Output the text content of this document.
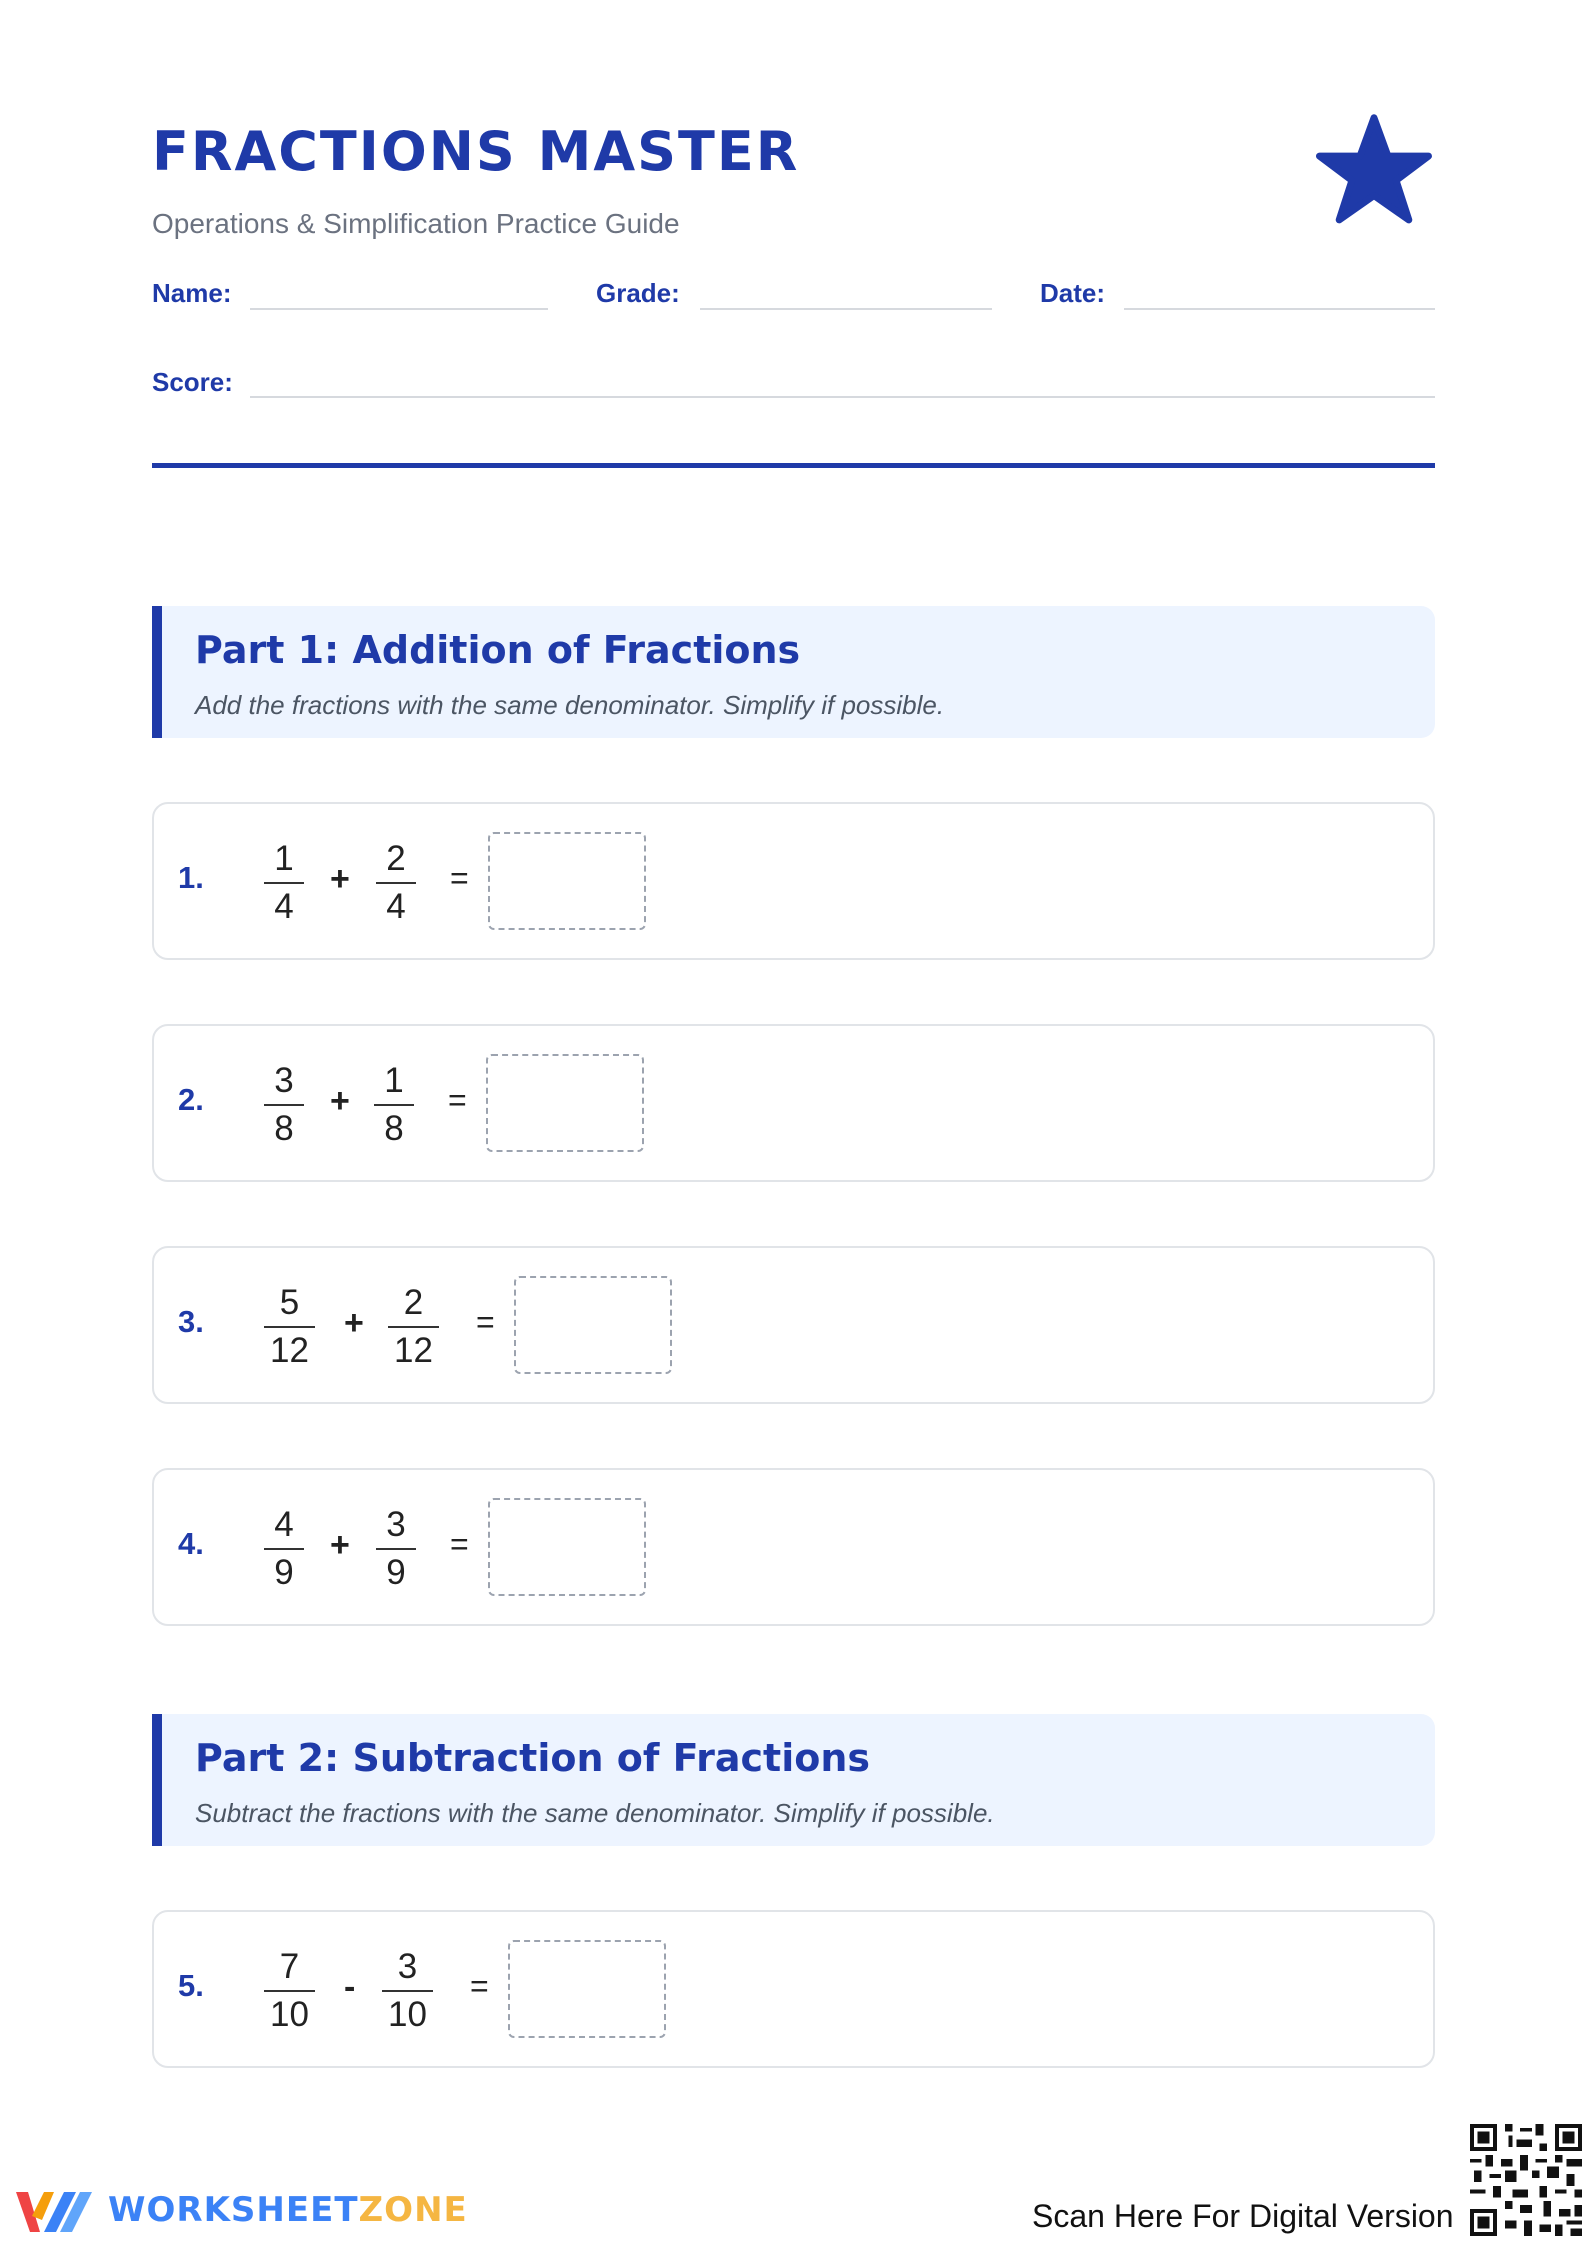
FRACTIONS MASTER
Operations & Simplification Practice Guide
Name:	Grade:	Date:
Score:
Part 1: Addition of Fractions
Add the fractions with the same denominator. Simplify if possible.
1. 1
4
+
2
4
=
2. 3
8
+
1
8
=
3. 5
12
+
2
12
=
4. 4
9
+
3
9
=
Part 2: Subtraction of Fractions
Subtract the fractions with the same denominator. Simplify if possible.
5. 7
10
-
3
10
=
WORKSHEETZONE	Scan Here For Digital Version
